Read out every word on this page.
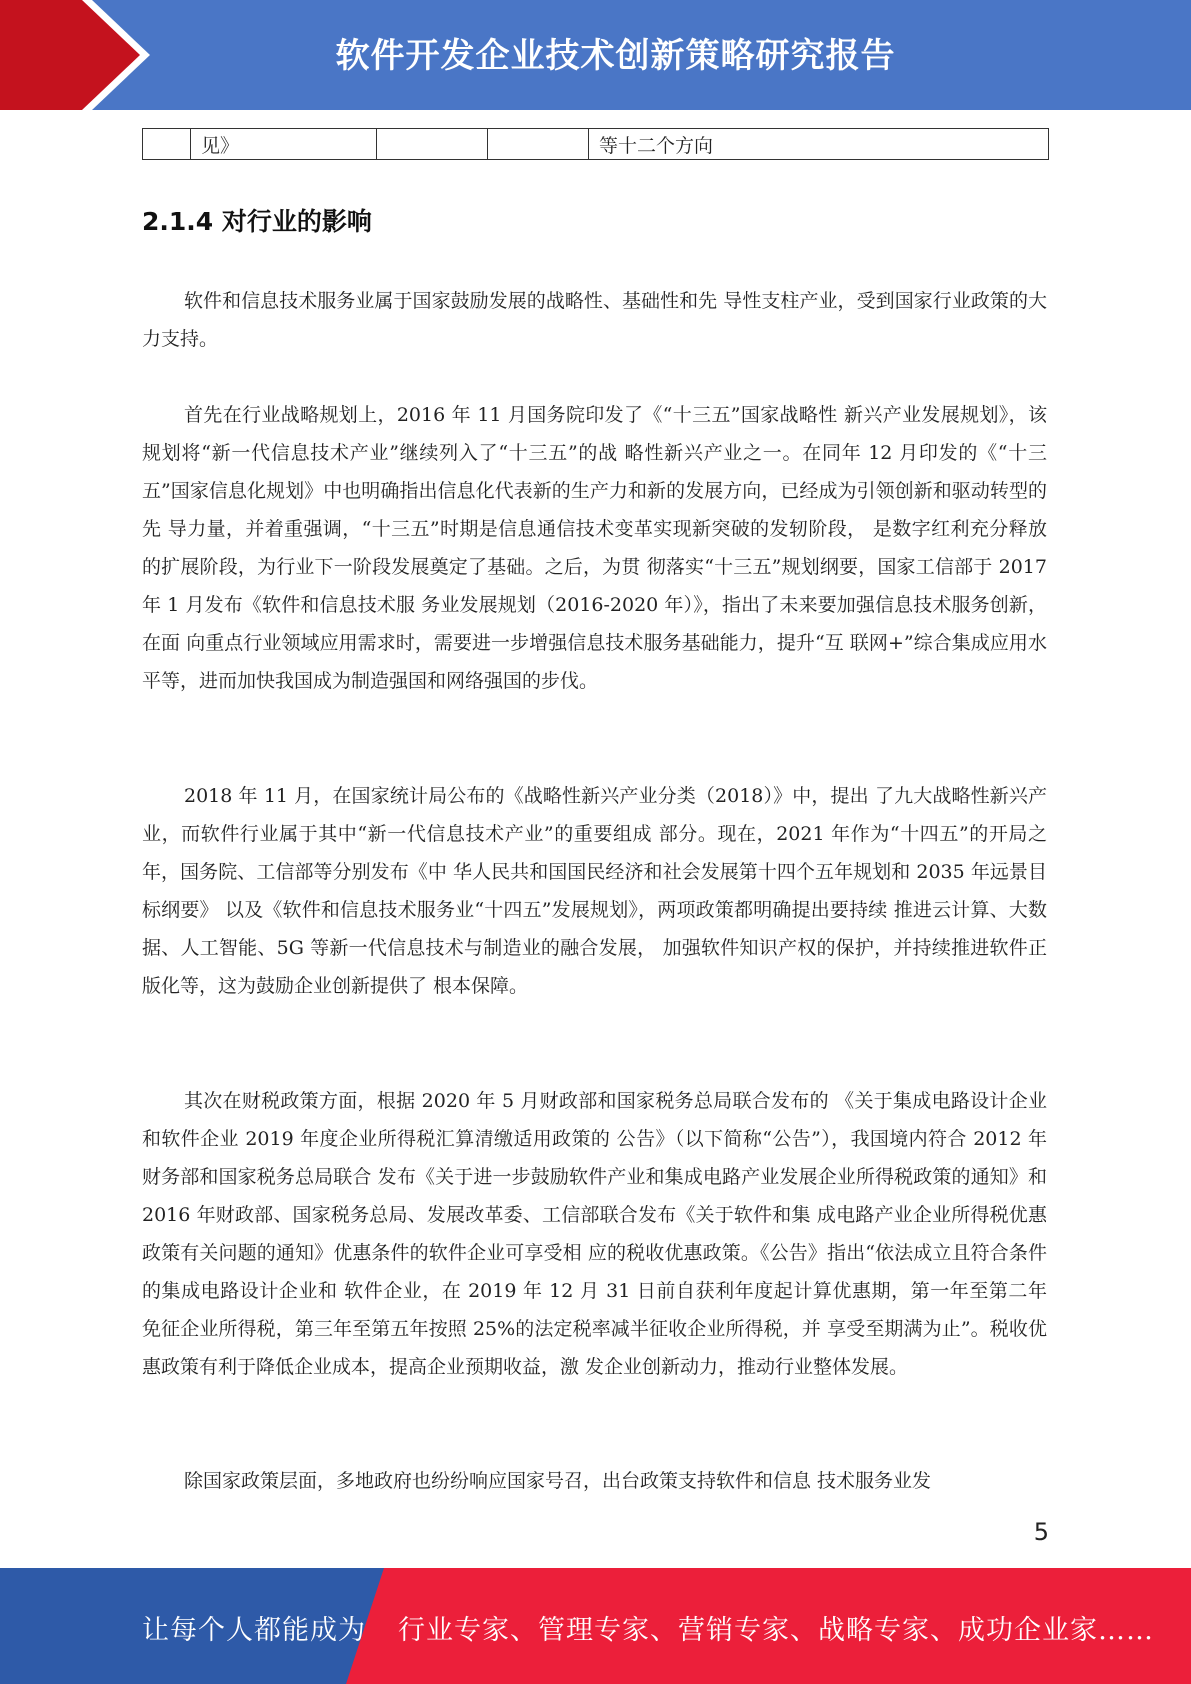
软件开发企业技术创新策略研究报告
	见》			等十二个方向
2.1.4 对行业的影响

软件和信息技术服务业属于国家鼓励发展的战略性、基础性和先 导性支柱产业，受到国家行业政策的大力支持。

首先在行业战略规划上，2016 年 11 月国务院印发了《“十三五”国家战略性 新兴产业发展规划》，该规划将“新一代信息技术产业”继续列入了“十三五”的战 略性新兴产业之一。在同年 12 月印发的《“十三五”国家信息化规划》中也明确指出信息化代表新的生产力和新的发展方向，已经成为引领创新和驱动转型的先 导力量，并着重强调，“十三五”时期是信息通信技术变革实现新突破的发轫阶段， 是数字红利充分释放的扩展阶段，为行业下一阶段发展奠定了基础。之后，为贯 彻落实“十三五”规划纲要，国家工信部于 2017 年 1 月发布《软件和信息技术服 务业发展规划（2016-2020 年）》，指出了未来要加强信息技术服务创新，在面 向重点行业领域应用需求时，需要进一步增强信息技术服务基础能力，提升“互 联网+”综合集成应用水平等，进而加快我国成为制造强国和网络强国的步伐。

2018 年 11 月，在国家统计局公布的《战略性新兴产业分类（2018）》中，提出 了九大战略性新兴产业，而软件行业属于其中“新一代信息技术产业”的重要组成 部分。现在，2021 年作为“十四五”的开局之年，国务院、工信部等分别发布《中 华人民共和国国民经济和社会发展第十四个五年规划和 2035 年远景目标纲要》 以及《软件和信息技术服务业“十四五”发展规划》，两项政策都明确提出要持续 推进云计算、大数据、人工智能、5G 等新一代信息技术与制造业的融合发展， 加强软件知识产权的保护，并持续推进软件正版化等，这为鼓励企业创新提供了 根本保障。

其次在财税政策方面，根据 2020 年 5 月财政部和国家税务总局联合发布的 《关于集成电路设计企业和软件企业 2019 年度企业所得税汇算清缴适用政策的 公告》（以下简称“公告”），我国境内符合 2012 年财务部和国家税务总局联合 发布《关于进一步鼓励软件产业和集成电路产业发展企业所得税政策的通知》和 2016 年财政部、国家税务总局、发展改革委、工信部联合发布《关于软件和集 成电路产业企业所得税优惠政策有关问题的通知》优惠条件的软件企业可享受相 应的税收优惠政策。《公告》指出“依法成立且符合条件的集成电路设计企业和 软件企业，在 2019 年 12 月 31 日前自获利年度起计算优惠期，第一年至第二年 免征企业所得税，第三年至第五年按照 25%的法定税率减半征收企业所得税，并 享受至期满为止”。税收优惠政策有利于降低企业成本，提高企业预期收益，激 发企业创新动力，推动行业整体发展。

除国家政策层面，多地政府也纷纷响应国家号召，出台政策支持软件和信息 技术服务业发

5
让每个人都能成为 行业专家、管理专家、营销专家、战略专家、成功企业家……
